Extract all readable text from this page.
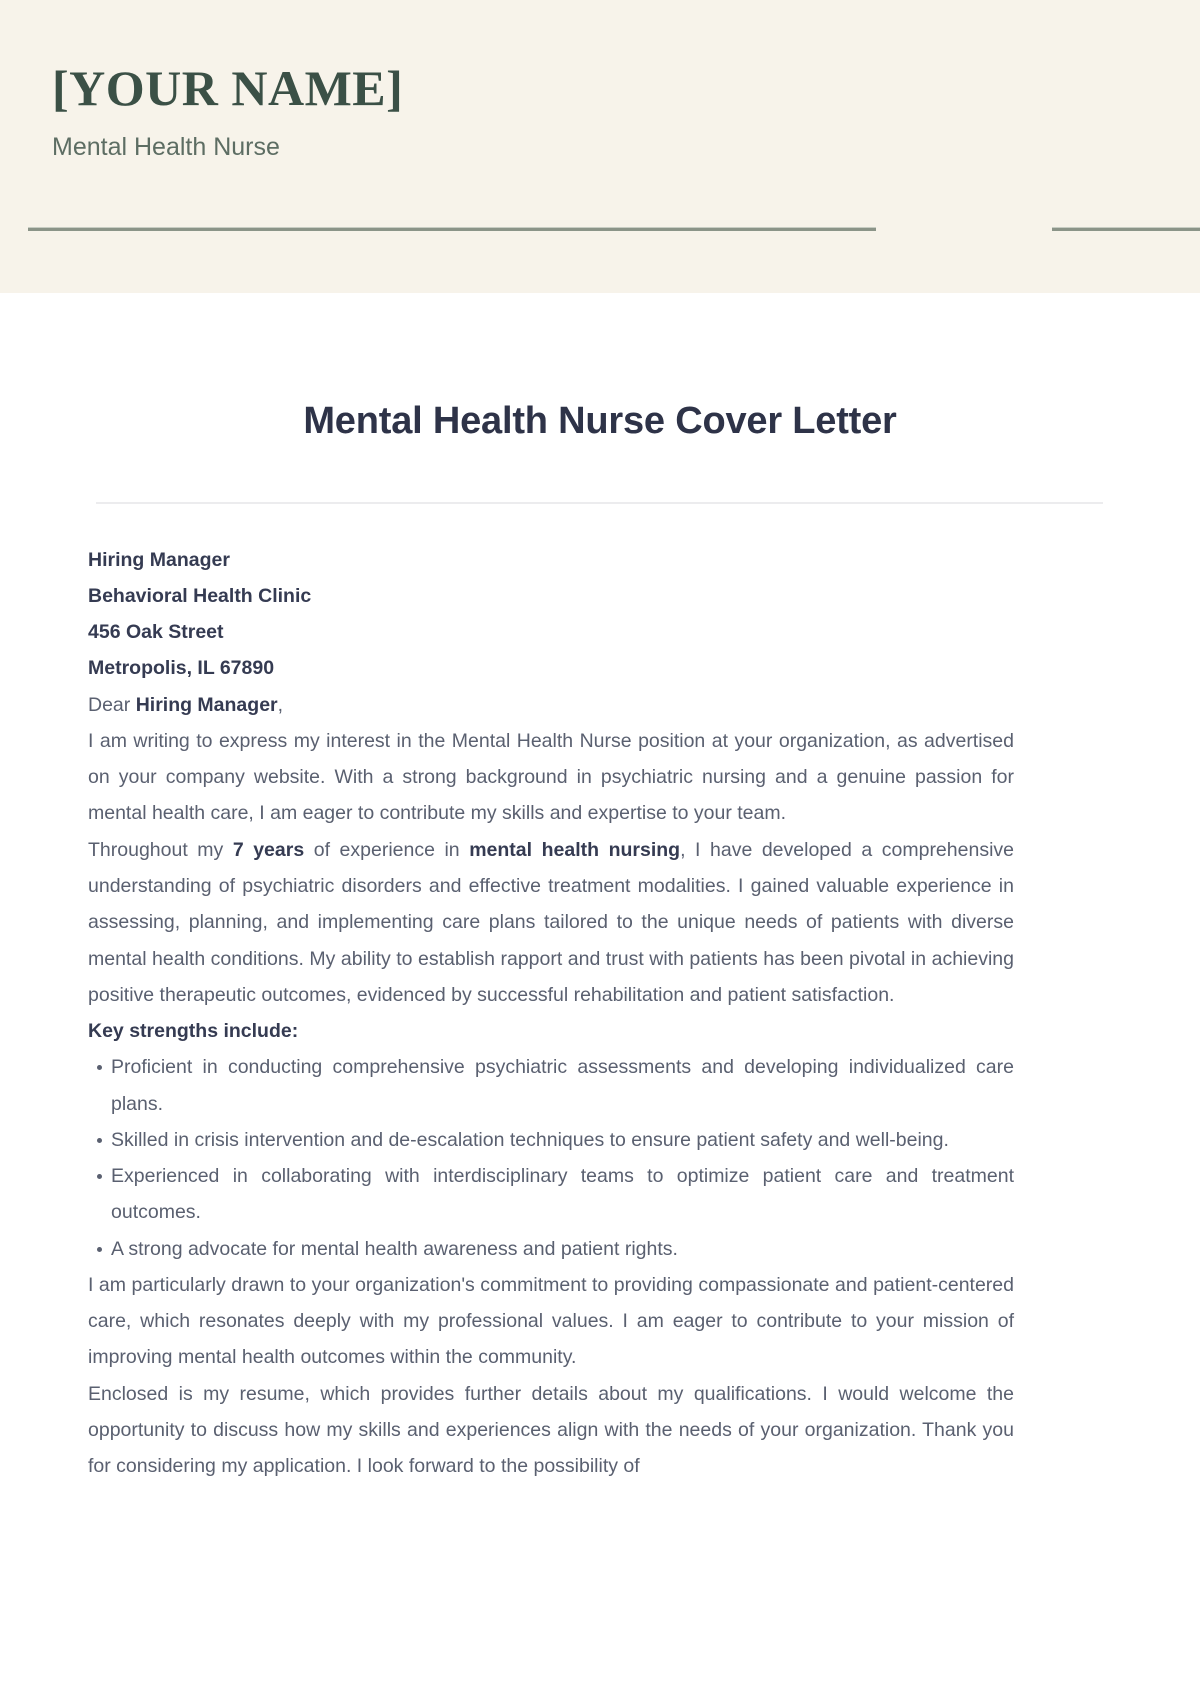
[YOUR NAME]
Mental Health Nurse
Mental Health Nurse Cover Letter
Hiring Manager
Behavioral Health Clinic
456 Oak Street
Metropolis, IL 67890

Dear Hiring Manager,

I am writing to express my interest in the Mental Health Nurse position at your organization, as advertised on your company website. With a strong background in psychiatric nursing and a genuine passion for mental health care, I am eager to contribute my skills and expertise to your team.

Throughout my 7 years of experience in mental health nursing, I have developed a comprehensive understanding of psychiatric disorders and effective treatment modalities. I gained valuable experience in assessing, planning, and implementing care plans tailored to the unique needs of patients with diverse mental health conditions. My ability to establish rapport and trust with patients has been pivotal in achieving positive therapeutic outcomes, evidenced by successful rehabilitation and patient satisfaction.

Key strengths include:

Proficient in conducting comprehensive psychiatric assessments and developing individualized care plans.
Skilled in crisis intervention and de-escalation techniques to ensure patient safety and well-being.
Experienced in collaborating with interdisciplinary teams to optimize patient care and treatment outcomes.
A strong advocate for mental health awareness and patient rights.

I am particularly drawn to your organization's commitment to providing compassionate and patient-centered care, which resonates deeply with my professional values. I am eager to contribute to your mission of improving mental health outcomes within the community.

Enclosed is my resume, which provides further details about my qualifications. I would welcome the opportunity to discuss how my skills and experiences align with the needs of your organization. Thank you for considering my application. I look forward to the possibility of
